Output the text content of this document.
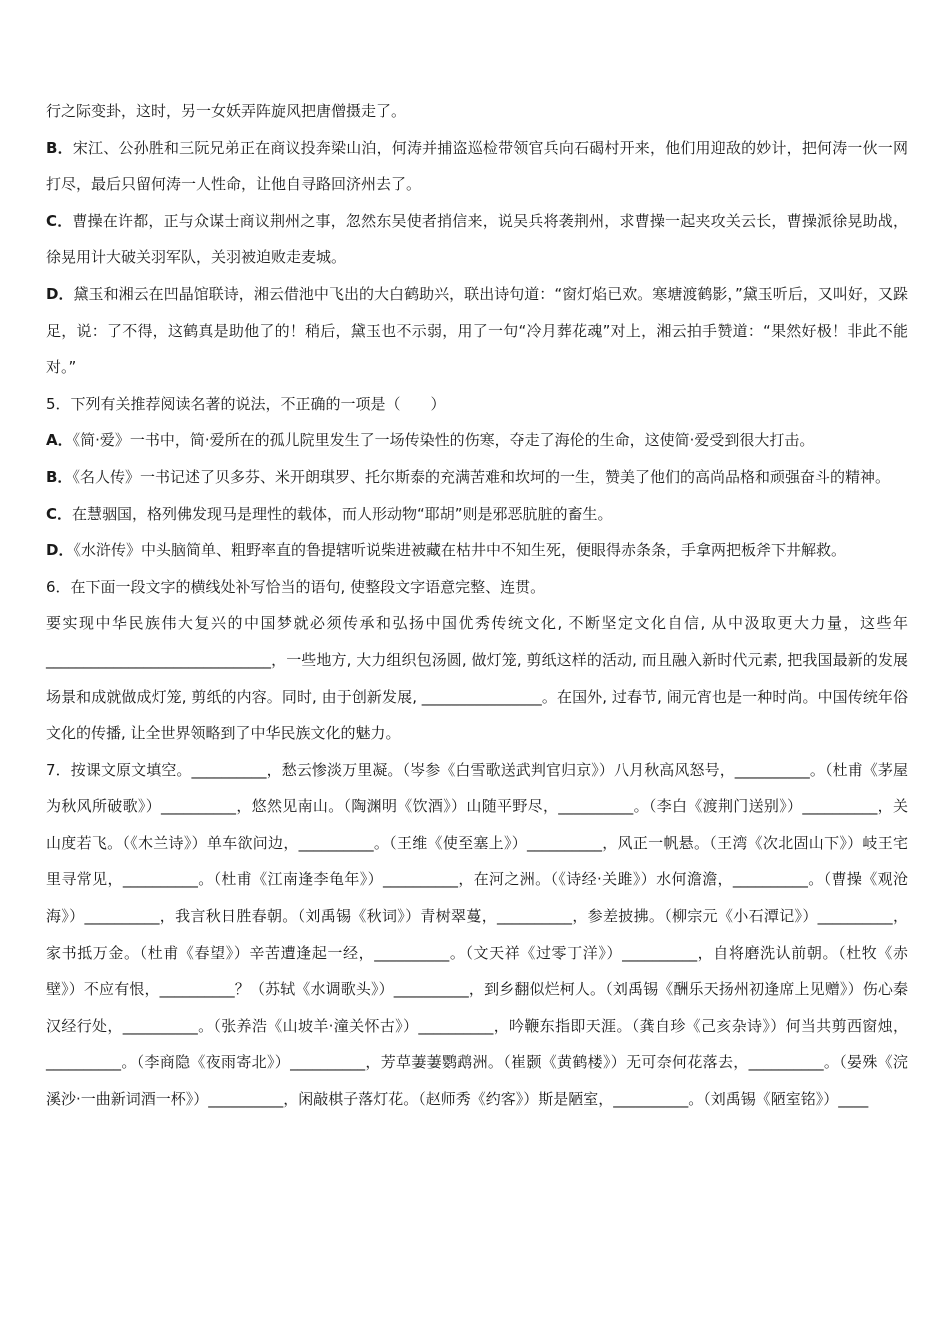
行之际变卦，这时，另一女妖弄阵旋风把唐僧摄走了。

B．宋江、公孙胜和三阮兄弟正在商议投奔梁山泊，何涛并捕盗巡检带领官兵向石碣村开来，他们用迎敌的妙计，把何涛一伙一网打尽，最后只留何涛一人性命，让他自寻路回济州去了。

C．曹操在许都，正与众谋士商议荆州之事，忽然东吴使者捎信来，说吴兵将袭荆州，求曹操一起夹攻关云长，曹操派徐晃助战，徐晃用计大破关羽军队，关羽被迫败走麦城。

D．黛玉和湘云在凹晶馆联诗，湘云借池中飞出的大白鹤助兴，联出诗句道：“窗灯焰已欢。寒塘渡鹤影，”黛玉听后，又叫好，又跺足，说：了不得，这鹤真是助他了的！稍后，黛玉也不示弱，用了一句“冷月葬花魂”对上，湘云拍手赞道：“果然好极！非此不能对。”

5．下列有关推荐阅读名著的说法，不正确的一项是（　　）

A．《简·爱》一书中，简·爱所在的孤儿院里发生了一场传染性的伤寒，夺走了海伦的生命，这使简·爱受到很大打击。

B．《名人传》一书记述了贝多芬、米开朗琪罗、托尔斯泰的充满苦难和坎坷的一生，赞美了他们的高尚品格和顽强奋斗的精神。

C．在慧骃国，格列佛发现马是理性的载体，而人形动物“耶胡”则是邪恶肮脏的畜生。

D．《水浒传》中头脑简单、粗野率直的鲁提辖听说柴进被藏在枯井中不知生死，便眼得赤条条，手拿两把板斧下井解救。

6．在下面一段文字的横线处补写恰当的语句, 使整段文字语意完整、连贯。

要实现中华民族伟大复兴的中国梦就必须传承和弘扬中国优秀传统文化, 不断坚定文化自信, 从中汲取更大力量，这些年______________________________，一些地方, 大力组织包汤圆, 做灯笼, 剪纸这样的活动, 而且融入新时代元素, 把我国最新的发展场景和成就做成灯笼, 剪纸的内容。同时, 由于创新发展, ________________。在国外, 过春节, 闹元宵也是一种时尚。中国传统年俗文化的传播, 让全世界领略到了中华民族文化的魅力。

7．按课文原文填空。__________，愁云惨淡万里凝。（岑参《白雪歌送武判官归京》）八月秋高风怒号，__________。（杜甫《茅屋为秋风所破歌》）__________，悠然见南山。（陶渊明《饮酒》）山随平野尽，__________。（李白《渡荆门送别》）__________，关山度若飞。（《木兰诗》）单车欲问边，__________。（王维《使至塞上》）__________，风正一帆悬。（王湾《次北固山下》）岐王宅里寻常见，__________。（杜甫《江南逢李龟年》）__________，在河之洲。（《诗经·关雎》）水何澹澹，__________。（曹操《观沧海》）__________，我言秋日胜春朝。（刘禹锡《秋词》）青树翠蔓，__________，参差披拂。（柳宗元《小石潭记》）__________，家书抵万金。（杜甫《春望》）辛苦遭逢起一经，__________。（文天祥《过零丁洋》）__________，自将磨洗认前朝。（杜牧《赤壁》）不应有恨，__________？（苏轼《水调歌头》）__________，到乡翻似烂柯人。（刘禹锡《酬乐天扬州初逢席上见赠》）伤心秦汉经行处，__________。（张养浩《山坡羊·潼关怀古》）__________，吟鞭东指即天涯。（龚自珍《己亥杂诗》）何当共剪西窗烛，__________。（李商隐《夜雨寄北》）__________，芳草萋萋鹦鹉洲。（崔颢《黄鹤楼》）无可奈何花落去，__________。（晏殊《浣溪沙·一曲新词酒一杯》）__________，闲敲棋子落灯花。（赵师秀《约客》）斯是陋室，__________。（刘禹锡《陋室铭》）____
